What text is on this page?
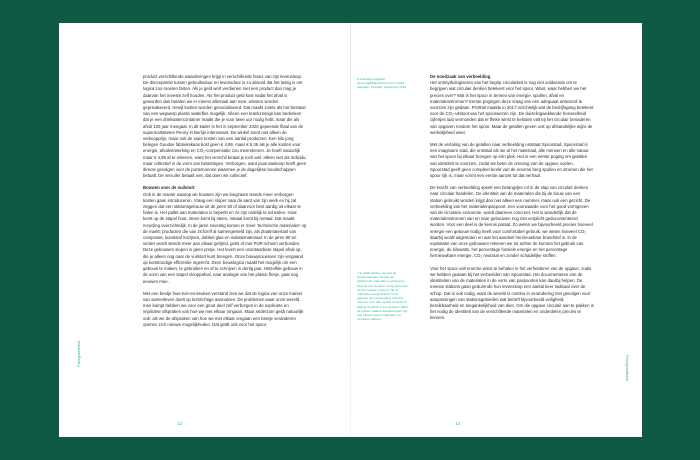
Paragraaftekst

product verschillende waarderingen krijgt in verschillende fases van zijn levensloop. De discrepantie tussen gebruiksduur en levensduur is zo absurd dat het lastig is om logica zoo moeten farten. Als je geld wort verdienen met een product dan mag je daarvan het meeste zelf houden. Als het product geld kost nadat het afval is geworden dan betalen we er ineens allemaal aan mee: winsten worden geprivatiseerd, terwijl kosten worden gesocialiseerd. Dat maakt zoiets als het bestaan van een wegwerp plastic waterfles mogelijk. Alleen een krankzinnige kan bedenken dat je een drinkwatercontainer maakt die je voor twee uur nodig hebt, maar die als afval 100 jaar meegaat. In dit kader is het in september 2020 gepeende filaal van de supermarktketen Penny in Berlijn interessant. De winkel toont niet alleen de verkoopprijs, maar ook de ware kosten van een aantal producten. Een kilo jong belegen Goudse fabriekskaas kost geen € 4,99, maar € 5,36 als je alle kosten voor energie, afvalverwerking en CO₂-compensatie zou meerekenen. Je hoeft natuurlijk maar € 4,99 af te rekenen, want het verschil betaal je toch wel: alleen niet als individu, maar collectief in de vorm van belastingen. Verborgen, want jouw aankoop heeft geen directe gevolgen voor de portemonnee waarmee je de dagelijkse boodschappen betaalt. De verruiler betaalt niet, dat doen we collectief.

Bouwen voor de vuilstort

Ook in de manier waarop we bouwen zijn we langzaam steeds meer verborgen kosten gaan introduceren. Vraag een sloper naar de aard van zijn werk en hij zal zeggen dat een stationsgebouw uit de jaren 60 of daarvoor best aardig uit elkaar te halen is. Het pallet aan materialen is beperkt en ze zijn redelijk te scheiden. Hout komt op de stapel hout, steen komt bij steen, metaal komt bij metaal. Dat maakt recycling overzichtelijk. In de jaren zeventig komen er meer 'technische materialen' op de markt; producten die van zichzelf al samengesteld zijn, als plaatmateriaal van composiet, kunststof kozijnen, dubbel glas en isolatiemateriaal. In de jaren 80 en verder wordt steeds meer aan elkaar gelijmd, gekit of met PUR-schuim verbonden. Deze gebouwen slopen is geen pretje. Het levert een onontwarbare stapel afval op, die je alleen nog naar de vuilstort kunt brengen. Onze bouwprocessen zijn vergaand op kortstondige efficiëntie ingericht. Deze bouwlogica maakt het mogelijk om een gebouw te maken, te gebruiken en af te schrijven in dertig jaar. Hetzelfde gebouw in de vorm van een stapel slooppafval, naar analogie van het plastic flesje, gaat nog eeuwen mee.

Met een beetje huis-tuin-en-keuken verstand zien we dat de logica van onze manier van samenleven doelt op kortzichtige aannames. De problemen waar onze wereld mee kampt hebben we voor een groot deel zelf verborgen in de expliciete en impliciete afspraken van hoe we met elkaar omgaan. Maar anderzom geldt natuurlijk ook: als we de afspraken van hoe we met elkaar omgaan een beetje veranderen openen zich nieuwe mogelijkheden. Dat geldt ook voor het spoor.

6 Krachtige dagblad Spoorstad/Maastrichtse bron 2021 aangaan: Fotofaar. september 2016
7 In 2018 hebben we met de bouwmaterialen nieuwe de traditionele materialen voorwerpen bekend van de jaren zestig gebouwd tot het huidige moment. Het is materialen aangebracht in het gebouw van verbeelding. Van dat moment voor alle nieuwe of oude en blijft de koolstof in een gebouw. Maar de manier waarop aanpassingen zijn met elkaar tussen materialen en circulaire stations.

De noodzaak van verbeelding

Het ontmythologiseren van het begrip circulariteit is nog niet voldoende om te begrijpen wat circulair denken betekent voor het spoor. Want, waar hebben we het precies over? Wat is het spoor in termen van energie, spullen, afval en materialenstromen? Eerste pogingen deze vraag van een adequaat antwoord te voorzien zijn gedaan. ProRail maakte in 2017 inzichtelijk wat de bedrijfsgang betekent voor de CO₂-uitstoot van het spoorwezen zijn. De duizelingwekkende hoeveelheid cijfertjes laat vermoeden dat er flinke winst te behalen valt bij het circulair benaderen van opgaven rondom het spoor. Maar de getallen geven ook op afstandelijke wijze de werkelijkheid weer.

Met de vertaling van de getallen naar verbeelding ontstaat Spoorstad. Spoorstad is een imaginaire stad, die ontstaat als we al het materiaal, alle mensen en alle natuur van het spoor bij elkaar brengen op één plek. Het is een eerste poging om getallen van identiteit te voorzien, zodat we beter de omvang van de opgave voelen. Spoorstad geeft geen compleet beeld van de enorme berg spullen en stromen die het spoor rijk is, maar vormt een eerste aanzet tot dat verhaal.

De kracht van verbeelding speelt een belangrijke rol in de stap van circulair denken naar circulair handelen. De identiteit van de materialen die bij de bouw van een station gebruikt worden krijgt dan niet alleen een nummer, maar ook een gezicht. De verbeelding van het materialenpaspoort, een voorwaarde voor het goed vormgeven van de circulaire economie, wordt daarmee concreet. Het is wonderlijk dat de materialenstromen van en naar gebouwen nog niet verplicht gedocumenteerd worden. Voor een deel is de kennis paraat. Zo weten we bijvoorbeeld precies hoeveel energie een gebouw nodig heeft voor comfortabel gebruik, we weten hoeveel CO₂ daarbij wordt uitgestoten en wat het aandeel hernieuwbare brandstof is. In de exploitatie van onze gebouwen rekenen we tot achter de komma het gebruik van energie, de kilowatts, het percentage fossiele energie en het percentage hernieuwbare energie, CO₂ neutraal en zonder schadelijke stoffen.

Voor het spoor valt enorme winst te behalen in het verhelderen van de opgave, zoals we hebben gedaan bij het verbeelden van Spoorstad. Het documenteren van de identiteiten van de materialen in de vorm van paspoorten kan daarbij helpen. De meeste stations gaan gedurende hun levensloop een aantal keer radicaal over de schop. Dat is ook nodig, want de wereld is continu in verandering met gevolgen voor aanpassingen van stationsgebieden wat betreft bijvoorbeeld veiligheid, bereikbaarheid en toegankelijkheid van dien. Om die opgave circulair aan te pakken is het nodig de identiteit van de verschillende materialen en onderdelen precies te kennen.

Paragraaftekst
12	13
